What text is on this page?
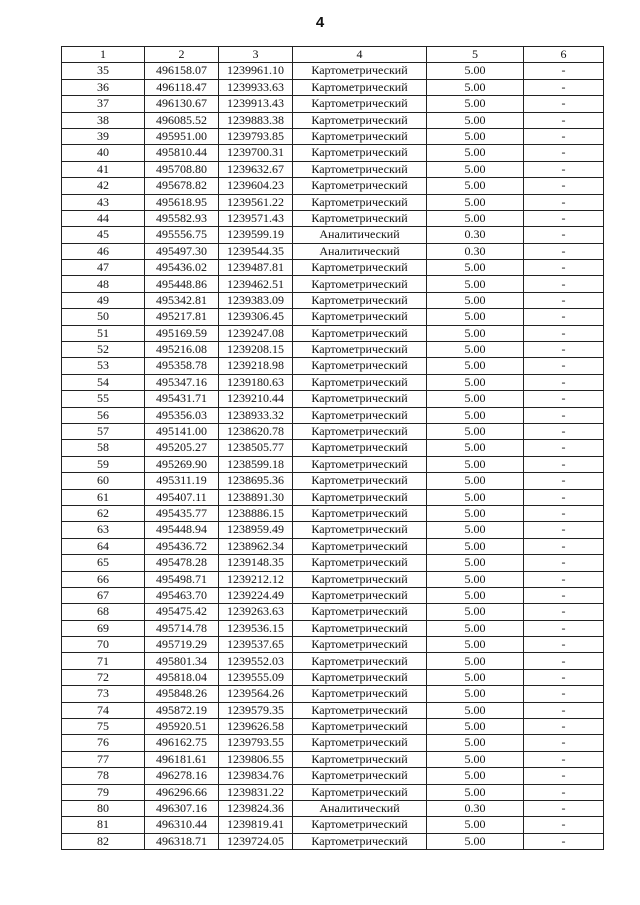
4
1	2	3	4	5	6
35	496158.07	1239961.10	Картометрический	5.00	-
36	496118.47	1239933.63	Картометрический	5.00	-
37	496130.67	1239913.43	Картометрический	5.00	-
38	496085.52	1239883.38	Картометрический	5.00	-
39	495951.00	1239793.85	Картометрический	5.00	-
40	495810.44	1239700.31	Картометрический	5.00	-
41	495708.80	1239632.67	Картометрический	5.00	-
42	495678.82	1239604.23	Картометрический	5.00	-
43	495618.95	1239561.22	Картометрический	5.00	-
44	495582.93	1239571.43	Картометрический	5.00	-
45	495556.75	1239599.19	Аналитический	0.30	-
46	495497.30	1239544.35	Аналитический	0.30	-
47	495436.02	1239487.81	Картометрический	5.00	-
48	495448.86	1239462.51	Картометрический	5.00	-
49	495342.81	1239383.09	Картометрический	5.00	-
50	495217.81	1239306.45	Картометрический	5.00	-
51	495169.59	1239247.08	Картометрический	5.00	-
52	495216.08	1239208.15	Картометрический	5.00	-
53	495358.78	1239218.98	Картометрический	5.00	-
54	495347.16	1239180.63	Картометрический	5.00	-
55	495431.71	1239210.44	Картометрический	5.00	-
56	495356.03	1238933.32	Картометрический	5.00	-
57	495141.00	1238620.78	Картометрический	5.00	-
58	495205.27	1238505.77	Картометрический	5.00	-
59	495269.90	1238599.18	Картометрический	5.00	-
60	495311.19	1238695.36	Картометрический	5.00	-
61	495407.11	1238891.30	Картометрический	5.00	-
62	495435.77	1238886.15	Картометрический	5.00	-
63	495448.94	1238959.49	Картометрический	5.00	-
64	495436.72	1238962.34	Картометрический	5.00	-
65	495478.28	1239148.35	Картометрический	5.00	-
66	495498.71	1239212.12	Картометрический	5.00	-
67	495463.70	1239224.49	Картометрический	5.00	-
68	495475.42	1239263.63	Картометрический	5.00	-
69	495714.78	1239536.15	Картометрический	5.00	-
70	495719.29	1239537.65	Картометрический	5.00	-
71	495801.34	1239552.03	Картометрический	5.00	-
72	495818.04	1239555.09	Картометрический	5.00	-
73	495848.26	1239564.26	Картометрический	5.00	-
74	495872.19	1239579.35	Картометрический	5.00	-
75	495920.51	1239626.58	Картометрический	5.00	-
76	496162.75	1239793.55	Картометрический	5.00	-
77	496181.61	1239806.55	Картометрический	5.00	-
78	496278.16	1239834.76	Картометрический	5.00	-
79	496296.66	1239831.22	Картометрический	5.00	-
80	496307.16	1239824.36	Аналитический	0.30	-
81	496310.44	1239819.41	Картометрический	5.00	-
82	496318.71	1239724.05	Картометрический	5.00	-
